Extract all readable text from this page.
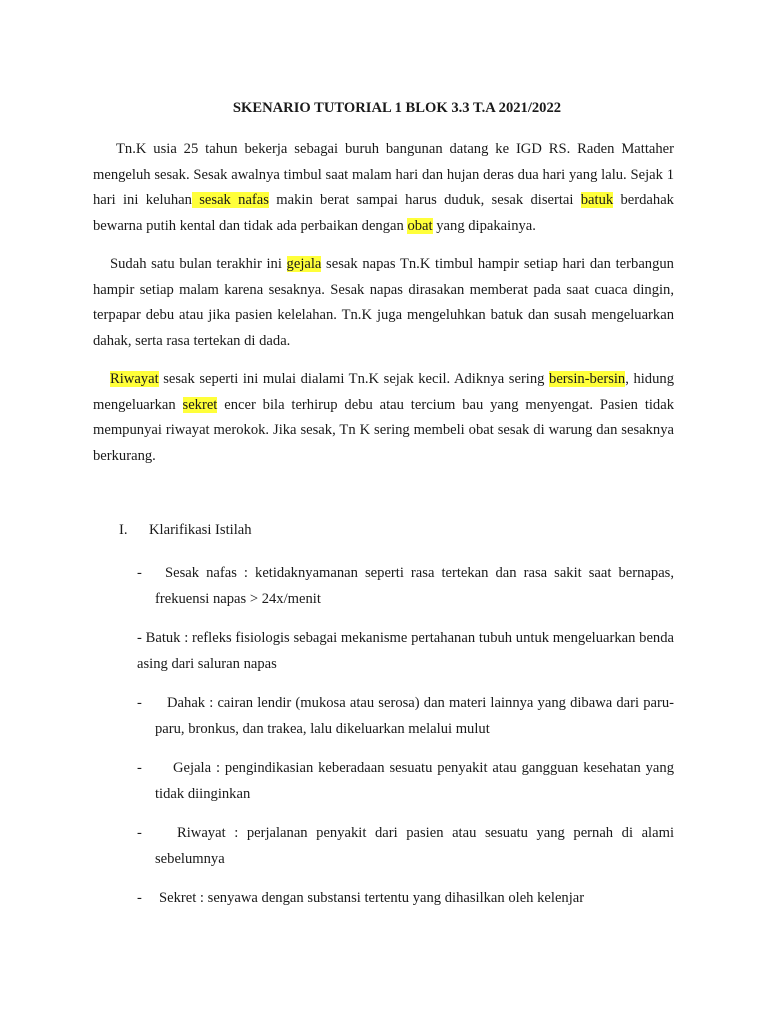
SKENARIO TUTORIAL 1 BLOK 3.3 T.A 2021/2022

Tn.K usia 25 tahun bekerja sebagai buruh bangunan datang ke IGD RS. Raden Mattaher mengeluh sesak. Sesak awalnya timbul saat malam hari dan hujan deras dua hari yang lalu. Sejak 1 hari ini keluhan sesak nafas makin berat sampai harus duduk, sesak disertai batuk berdahak bewarna putih kental dan tidak ada perbaikan dengan obat yang dipakainya.

Sudah satu bulan terakhir ini gejala sesak napas Tn.K timbul hampir setiap hari dan terbangun hampir setiap malam karena sesaknya. Sesak napas dirasakan memberat pada saat cuaca dingin, terpapar debu atau jika pasien kelelahan. Tn.K juga mengeluhkan batuk dan susah mengeluarkan dahak, serta rasa tertekan di dada.

Riwayat sesak seperti ini mulai dialami Tn.K sejak kecil. Adiknya sering bersin-bersin, hidung mengeluarkan sekret encer bila terhirup debu atau tercium bau yang menyengat. Pasien tidak mempunyai riwayat merokok. Jika sesak, Tn K sering membeli obat sesak di warung dan sesaknya berkurang.

I. Klarifikasi Istilah
-	Sesak nafas : ketidaknyamanan seperti rasa tertekan dan rasa sakit saat bernapas, frekuensi napas > 24x/menit
- Batuk : refleks fisiologis sebagai mekanisme pertahanan tubuh untuk mengeluarkan benda asing dari saluran napas
-	Dahak : cairan lendir (mukosa atau serosa) dan materi lainnya yang dibawa dari paru-paru, bronkus, dan trakea, lalu dikeluarkan melalui mulut
-	Gejala : pengindikasian keberadaan sesuatu penyakit atau gangguan kesehatan yang tidak diinginkan
-	Riwayat : perjalanan penyakit dari pasien atau sesuatu yang pernah di alami sebelumnya
-	Sekret : senyawa dengan substansi tertentu yang dihasilkan oleh kelenjar
